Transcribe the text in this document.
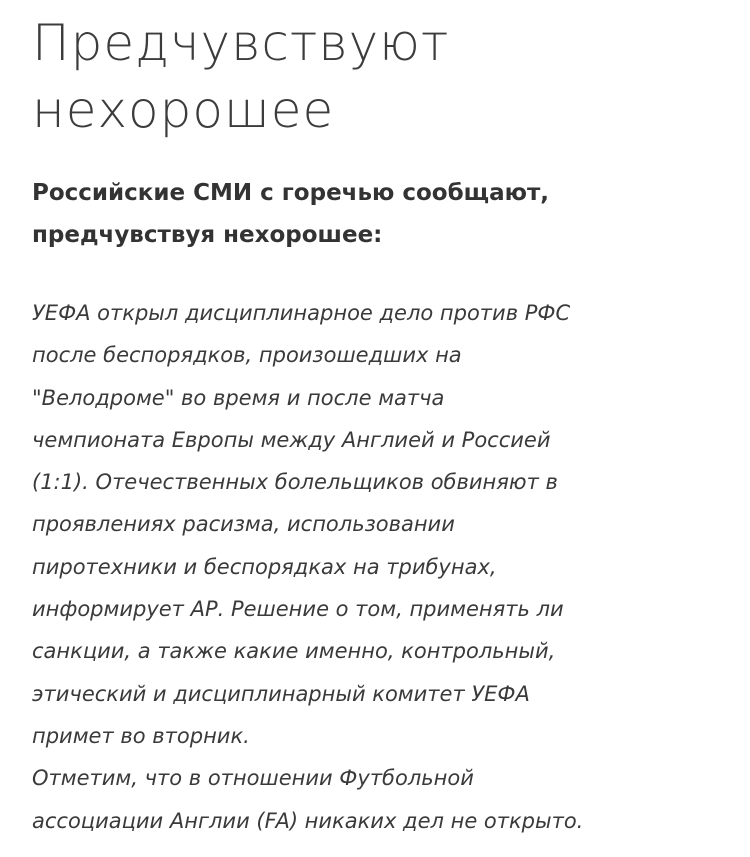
Предчувствуют
нехорошее

Российские СМИ с горечью сообщают,
предчувствуя нехорошее:

УЕФА открыл дисциплинарное дело против РФС
после беспорядков, произошедших на
"Велодроме" во время и после матча
чемпионата Европы между Англией и Россией
(1:1). Отечественных болельщиков обвиняют в
проявлениях расизма, использовании
пиротехники и беспорядках на трибунах,
информирует АР. Решение о том, применять ли
санкции, а также какие именно, контрольный,
этический и дисциплинарный комитет УЕФА
примет во вторник.
Отметим, что в отношении Футбольной
ассоциации Англии (FA) никаких дел не открыто.
